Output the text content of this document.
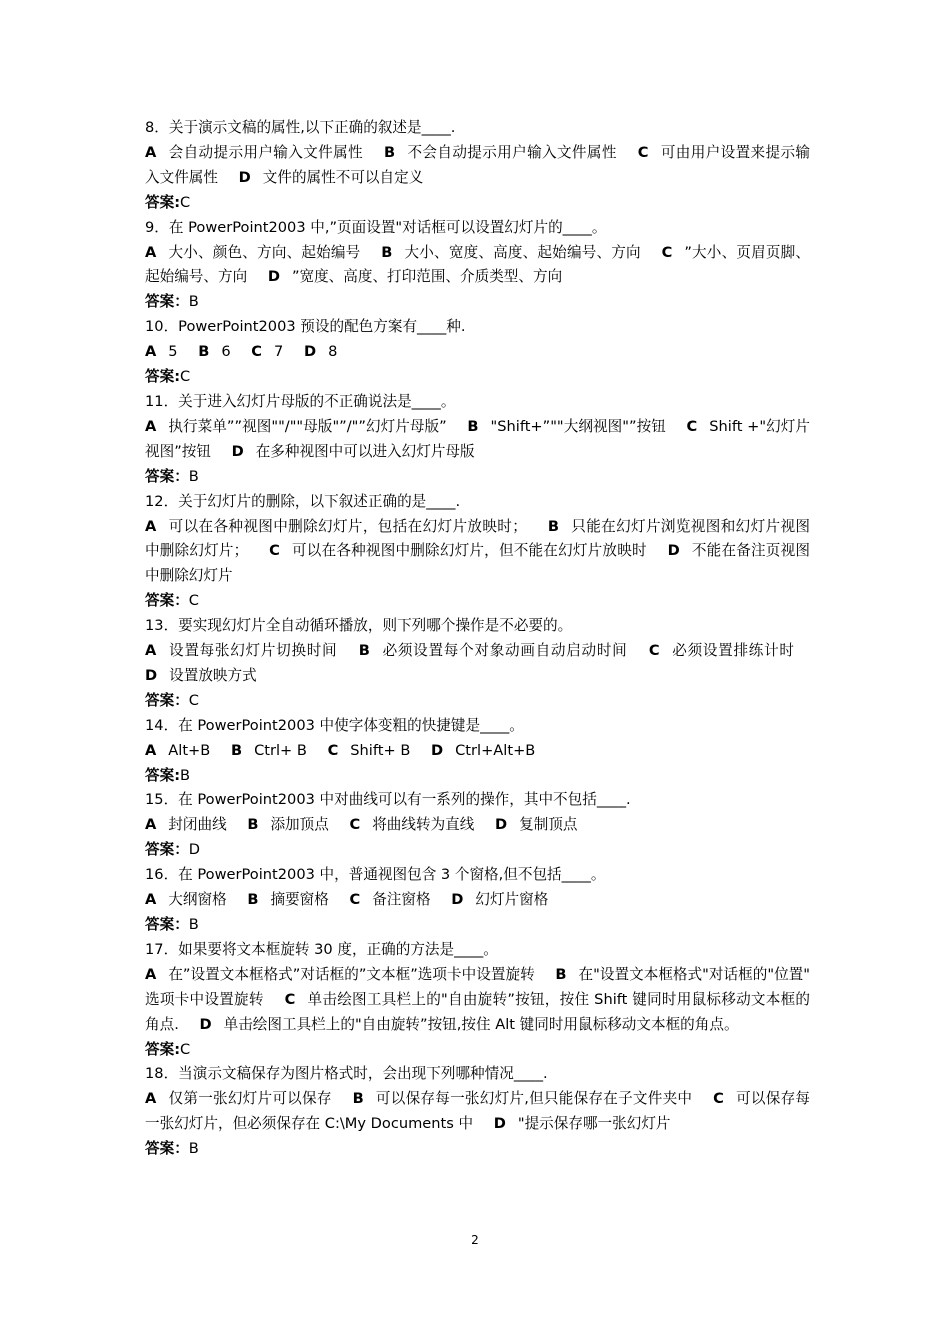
8．关于演示文稿的属性,以下正确的叙述是____.

A 会自动提示用户输入文件属性 B 不会自动提示用户输入文件属性 C 可由用户设置来提示输入文件属性 D 文件的属性不可以自定义

答案:C

9．在 PowerPoint2003 中,”页面设置"对话框可以设置幻灯片的____。

A 大小、颜色、方向、起始编号 B 大小、宽度、高度、起始编号、方向 C ”大小、页眉页脚、起始编号、方向 D ”宽度、高度、打印范围、介质类型、方向

答案：B

10．PowerPoint2003 预设的配色方案有____种.

A 5 B 6 C 7 D 8

答案:C

11．关于进入幻灯片母版的不正确说法是____。

A 执行菜单””视图""/""母版"”/"”幻灯片母版” B "Shift+”""大纲视图"”按钮 C Shift +"幻灯片视图”按钮 D 在多种视图中可以进入幻灯片母版

答案：B

12．关于幻灯片的删除，以下叙述正确的是____.

A 可以在各种视图中删除幻灯片，包括在幻灯片放映时； B 只能在幻灯片浏览视图和幻灯片视图中删除幻灯片； C 可以在各种视图中删除幻灯片，但不能在幻灯片放映时 D 不能在备注页视图中删除幻灯片

答案：C

13．要实现幻灯片全自动循环播放，则下列哪个操作是不必要的。

A 设置每张幻灯片切换时间 B 必须设置每个对象动画自动启动时间 C 必须设置排练计时 D 设置放映方式

答案：C

14．在 PowerPoint2003 中使字体变粗的快捷键是____。

A Alt+B B Ctrl+ B C Shift+ B D Ctrl+Alt+B

答案:B

15．在 PowerPoint2003 中对曲线可以有一系列的操作，其中不包括____.

A 封闭曲线 B 添加顶点 C 将曲线转为直线 D 复制顶点

答案：D

16．在 PowerPoint2003 中，普通视图包含 3 个窗格,但不包括____。

A 大纲窗格 B 摘要窗格 C 备注窗格 D 幻灯片窗格

答案：B

17．如果要将文本框旋转 30 度，正确的方法是____。

A 在”设置文本框格式”对话框的”文本框”选项卡中设置旋转 B 在"设置文本框格式"对话框的"位置" 选项卡中设置旋转 C 单击绘图工具栏上的"自由旋转”按钮，按住 Shift 键同时用鼠标移动文本框的角点. D 单击绘图工具栏上的"自由旋转”按钮,按住 Alt 键同时用鼠标移动文本框的角点。

答案:C

18．当演示文稿保存为图片格式时，会出现下列哪种情况____.

A 仅第一张幻灯片可以保存 B 可以保存每一张幻灯片,但只能保存在子文件夹中 C 可以保存每一张幻灯片，但必须保存在 C:\My Documents 中 D "提示保存哪一张幻灯片

答案：B

2
